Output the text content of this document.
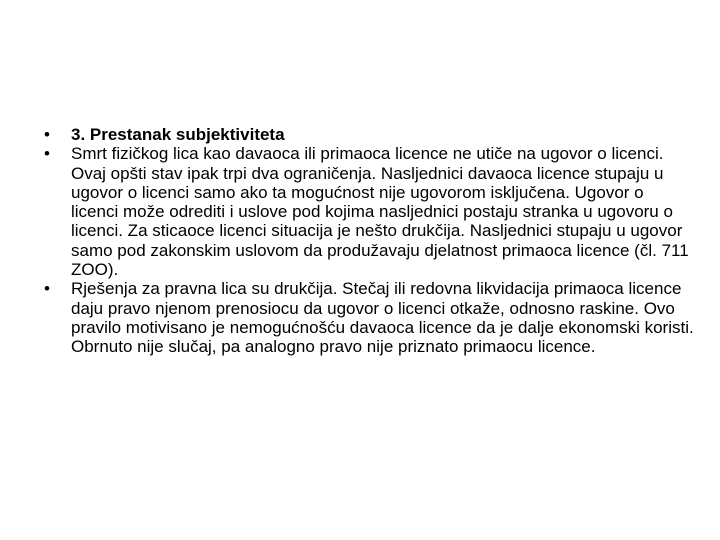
•	3. Prestanak subjektiviteta
•	Smrt fizičkog lica kao davaoca ili primaoca licence ne utiče na ugovor o licenci. Ovaj opšti stav ipak trpi dva ograničenja. Nasljednici davaoca licence stupaju u ugovor o licenci samo ako ta mogućnost nije ugovorom isključena. Ugovor o licenci može odrediti i uslove pod kojima nasljednici postaju stranka u ugovoru o licenci. Za sticaoce licenci situacija je nešto drukčija. Nasljednici stupaju u ugovor samo pod zakonskim uslovom da produžavaju djelatnost primaoca licence (čl. 711 ZOO).
•	Rješenja za pravna lica su drukčija. Stečaj ili redovna likvidacija primaoca licence daju pravo njenom prenosiocu da ugovor o licenci otkaže, odnosno raskine. Ovo pravilo motivisano je nemogućnošću davaoca licence da je dalje ekonomski koristi. Obrnuto nije slučaj, pa analogno pravo nije priznato primaocu licence.
